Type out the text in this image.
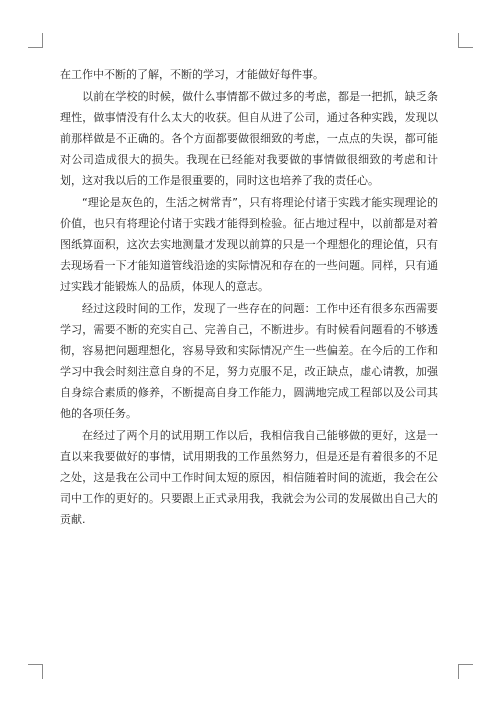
在工作中不断的了解，不断的学习，才能做好每件事。

以前在学校的时候，做什么事情都不做过多的考虑，都是一把抓，缺乏条理性，做事情没有什么太大的收获。但自从进了公司，通过各种实践，发现以前那样做是不正确的。各个方面都要做很细致的考虑，一点点的失误，都可能对公司造成很大的损失。我现在已经能对我要做的事情做很细致的考虑和计划，这对我以后的工作是很重要的，同时这也培养了我的责任心。

“理论是灰色的，生活之树常青”，只有将理论付诸于实践才能实现理论的价值，也只有将理论付诸于实践才能得到检验。征占地过程中，以前都是对着图纸算面积，这次去实地测量才发现以前算的只是一个理想化的理论值，只有去现场看一下才能知道管线沿途的实际情况和存在的一些问题。同样，只有通过实践才能锻炼人的品质，体现人的意志。

经过这段时间的工作，发现了一些存在的问题：工作中还有很多东西需要学习，需要不断的充实自己、完善自己，不断进步。有时候看问题看的不够透彻，容易把问题理想化，容易导致和实际情况产生一些偏差。在今后的工作和学习中我会时刻注意自身的不足，努力克服不足，改正缺点，虚心请教，加强自身综合素质的修养，不断提高自身工作能力，圆满地完成工程部以及公司其他的各项任务。

在经过了两个月的试用期工作以后，我相信我自己能够做的更好，这是一直以来我要做好的事情，试用期我的工作虽然努力，但是还是有着很多的不足之处，这是我在公司中工作时间太短的原因，相信随着时间的流逝，我会在公司中工作的更好的。只要跟上正式录用我，我就会为公司的发展做出自己大的贡献.
